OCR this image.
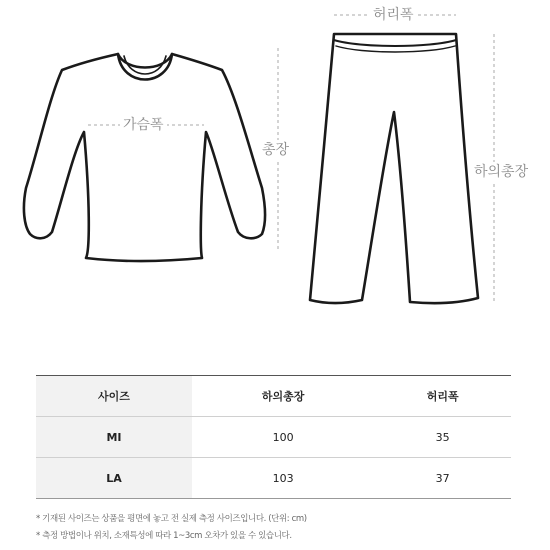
가슴폭
총장
허리폭
하의총장
사이즈	하의총장	허리폭
MI	100	35
LA	103	37

* 기재된 사이즈는 상품을 평면에 놓고 전 실제 측정 사이즈입니다. (단위: cm)

* 측정 방법이나 위치, 소재특성에 따라 1~3cm 오차가 있을 수 있습니다.
